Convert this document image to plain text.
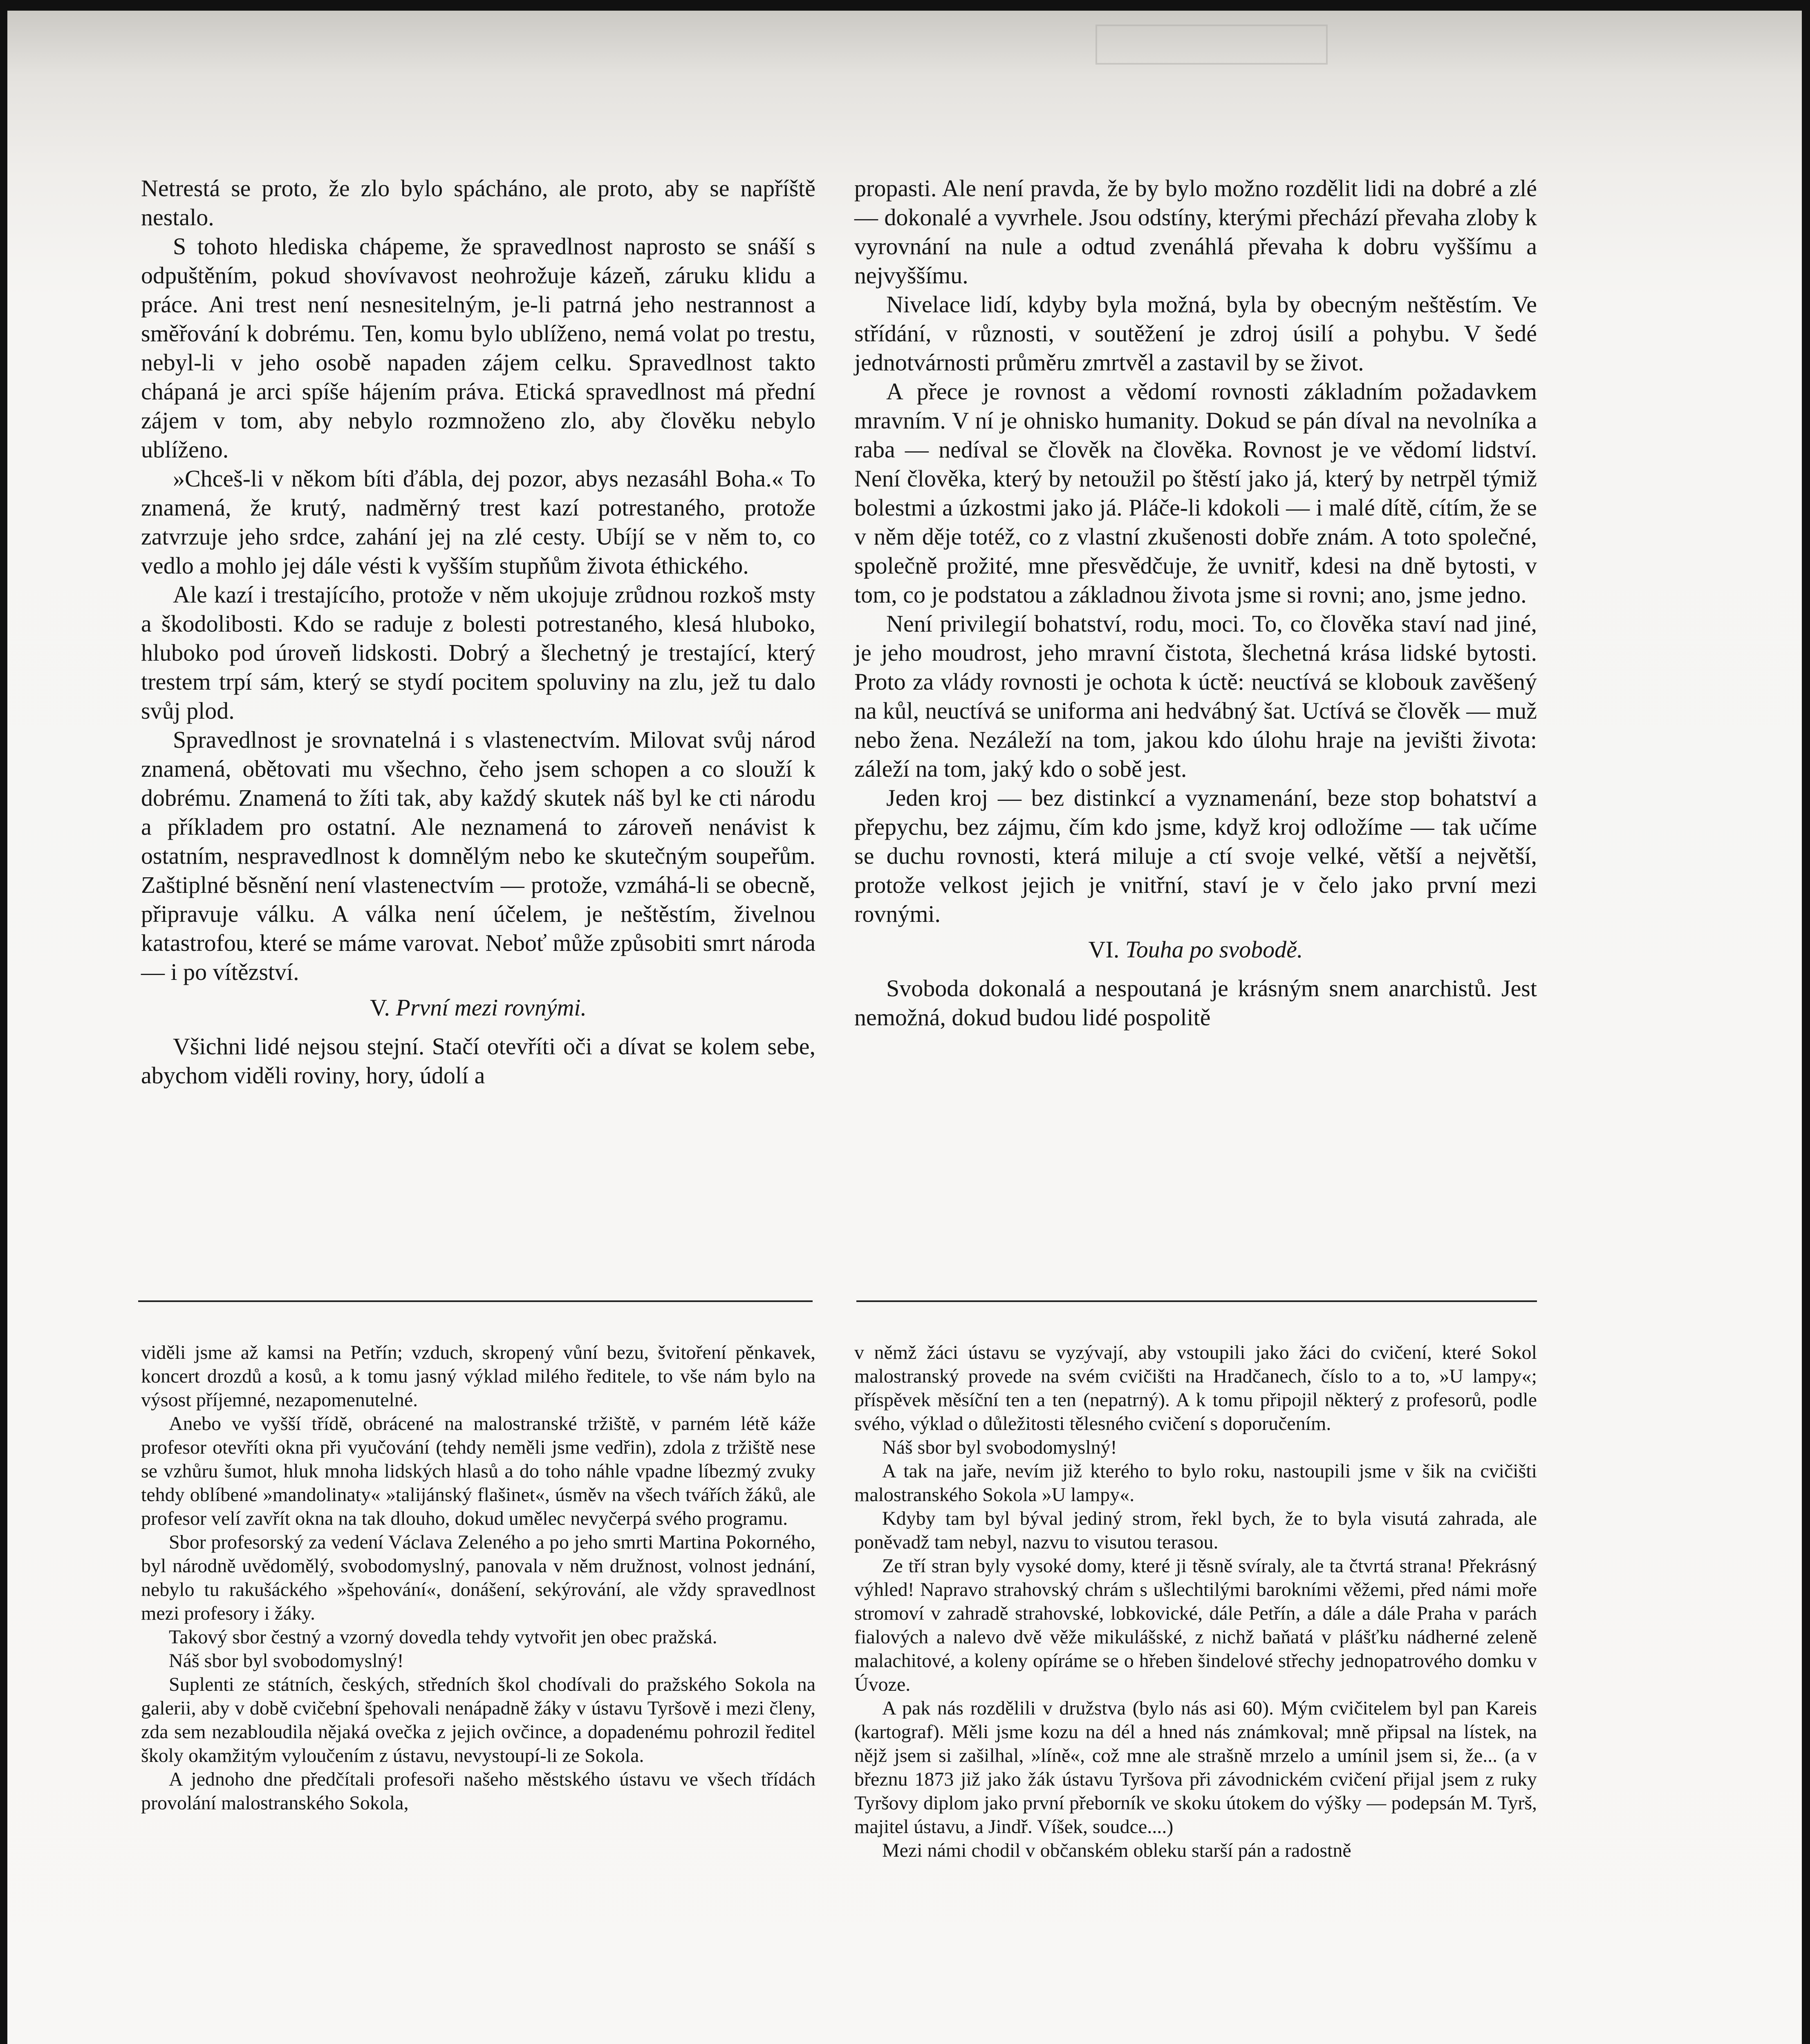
Netrestá se proto, že zlo bylo spácháno, ale proto, aby se napříště nestalo.

S tohoto hlediska chápeme, že spravedlnost naprosto se snáší s odpuštěním, pokud shovívavost neohrožuje kázeň, záruku klidu a práce. Ani trest není nesnesitelným, je-li patrná jeho nestrannost a směřování k dobrému. Ten, komu bylo ublíženo, nemá volat po trestu, nebyl-li v jeho osobě napaden zájem celku. Spravedlnost takto chápaná je arci spíše hájením práva. Etická spravedlnost má přední zájem v tom, aby nebylo rozmnoženo zlo, aby člověku nebylo ublíženo.

»Chceš-li v někom bíti ďábla, dej pozor, abys nezasáhl Boha.« To znamená, že krutý, nadměrný trest kazí potrestaného, protože zatvrzuje jeho srdce, zahání jej na zlé cesty. Ubíjí se v něm to, co vedlo a mohlo jej dále vésti k vyšším stupňům života éthického.

Ale kazí i trestajícího, protože v něm ukojuje zrůdnou rozkoš msty a škodolibosti. Kdo se raduje z bolesti potrestaného, klesá hluboko, hluboko pod úroveň lidskosti. Dobrý a šlechetný je trestající, který trestem trpí sám, který se stydí pocitem spoluviny na zlu, jež tu dalo svůj plod.

Spravedlnost je srovnatelná i s vlastenectvím. Milovat svůj národ znamená, obětovati mu všechno, čeho jsem schopen a co slouží k dobrému. Znamená to žíti tak, aby každý skutek náš byl ke cti národu a příkladem pro ostatní. Ale neznamená to zároveň nenávist k ostatním, nespravedlnost k domnělým nebo ke skutečným soupeřům. Zaštiplné běsnění není vlastenectvím — protože, vzmáhá-li se obecně, připravuje válku. A válka není účelem, je neštěstím, živelnou katastrofou, které se máme varovat. Neboť může způsobiti smrt národa — i po vítězství.

V. První mezi rovnými.

Všichni lidé nejsou stejní. Stačí otevříti oči a dívat se kolem sebe, abychom viděli roviny, hory, údolí a

propasti. Ale není pravda, že by bylo možno rozdělit lidi na dobré a zlé — dokonalé a vyvrhele. Jsou odstíny, kterými přechází převaha zloby k vyrovnání na nule a odtud zvenáhlá převaha k dobru vyššímu a nejvyššímu.

Nivelace lidí, kdyby byla možná, byla by obecným neštěstím. Ve střídání, v různosti, v soutěžení je zdroj úsilí a pohybu. V šedé jednotvárnosti průměru zmrtvěl a zastavil by se život.

A přece je rovnost a vědomí rovnosti základním požadavkem mravním. V ní je ohnisko humanity. Dokud se pán díval na nevolníka a raba — nedíval se člověk na člověka. Rovnost je ve vědomí lidství. Není člověka, který by netoužil po štěstí jako já, který by netrpěl týmiž bolestmi a úzkostmi jako já. Pláče-li kdokoli — i malé dítě, cítím, že se v něm děje totéž, co z vlastní zkušenosti dobře znám. A toto společné, společně prožité, mne přesvědčuje, že uvnitř, kdesi na dně bytosti, v tom, co je podstatou a základnou života jsme si rovni; ano, jsme jedno.

Není privilegií bohatství, rodu, moci. To, co člověka staví nad jiné, je jeho moudrost, jeho mravní čistota, šlechetná krása lidské bytosti. Proto za vlády rovnosti je ochota k úctě: neuctívá se klobouk zavěšený na kůl, neuctívá se uniforma ani hedvábný šat. Uctívá se člověk — muž nebo žena. Nezáleží na tom, jakou kdo úlohu hraje na jevišti života: záleží na tom, jaký kdo o sobě jest.

Jeden kroj — bez distinkcí a vyznamenání, beze stop bohatství a přepychu, bez zájmu, čím kdo jsme, když kroj odložíme — tak učíme se duchu rovnosti, která miluje a ctí svoje velké, větší a největší, protože velkost jejich je vnitřní, staví je v čelo jako první mezi rovnými.

VI. Touha po svobodě.

Svoboda dokonalá a nespoutaná je krásným snem anarchistů. Jest nemožná, dokud budou lidé pospolitě

viděli jsme až kamsi na Petřín; vzduch, skropený vůní bezu, švitoření pěnkavek, koncert drozdů a kosů, a k tomu jasný výklad milého ředitele, to vše nám bylo na výsost příjemné, nezapomenutelné.

Anebo ve vyšší třídě, obrácené na malostranské tržiště, v parném létě káže profesor otevříti okna při vyučování (tehdy neměli jsme vedřin), zdola z tržiště nese se vzhůru šumot, hluk mnoha lidských hlasů a do toho náhle vpadne líbezmý zvuky tehdy oblíbené »mandolinaty« »talijánský flašinet«, úsměv na všech tvářích žáků, ale profesor velí zavřít okna na tak dlouho, dokud umělec nevyčerpá svého programu.

Sbor profesorský za vedení Václava Zeleného a po jeho smrti Martina Pokorného, byl národně uvědomělý, svobodomyslný, panovala v něm družnost, volnost jednání, nebylo tu rakušáckého »špehování«, donášení, sekýrování, ale vždy spravedlnost mezi profesory i žáky.

Takový sbor čestný a vzorný dovedla tehdy vytvořit jen obec pražská.

Náš sbor byl svobodomyslný!

Suplenti ze státních, českých, středních škol chodívali do pražského Sokola na galerii, aby v době cvičební špehovali nenápadně žáky v ústavu Tyršově i mezi členy, zda sem nezabloudila nějaká ovečka z jejich ovčince, a dopadenému pohrozil ředitel školy okamžitým vyloučením z ústavu, nevystoupí-li ze Sokola.

A jednoho dne předčítali profesoři našeho městského ústavu ve všech třídách provolání malostranského Sokola,

v němž žáci ústavu se vyzývají, aby vstoupili jako žáci do cvičení, které Sokol malostranský provede na svém cvičišti na Hradčanech, číslo to a to, »U lampy«; příspěvek měsíční ten a ten (nepatrný). A k tomu připojil některý z profesorů, podle svého, výklad o důležitosti tělesného cvičení s doporučením.

Náš sbor byl svobodomyslný!

A tak na jaře, nevím již kterého to bylo roku, nastoupili jsme v šik na cvičišti malostranského Sokola »U lampy«.

Kdyby tam byl býval jediný strom, řekl bych, že to byla visutá zahrada, ale poněvadž tam nebyl, nazvu to visutou terasou.

Ze tří stran byly vysoké domy, které ji těsně svíraly, ale ta čtvrtá strana! Překrásný výhled! Napravo strahovský chrám s ušlechtilými barokními věžemi, před námi moře stromoví v zahradě strahovské, lobkovické, dále Petřín, a dále a dále Praha v parách fialových a nalevo dvě věže mikulášské, z nichž baňatá v plášťku nádherné zeleně malachitové, a koleny opíráme se o hřeben šindelové střechy jednopatrového domku v Úvoze.

A pak nás rozdělili v družstva (bylo nás asi 60). Mým cvičitelem byl pan Kareis (kartograf). Měli jsme kozu na dél a hned nás známkoval; mně připsal na lístek, na nějž jsem si zašilhal, »líně«, což mne ale strašně mrzelo a umínil jsem si, že... (a v březnu 1873 již jako žák ústavu Tyršova při závodnickém cvičení přijal jsem z ruky Tyršovy diplom jako první přeborník ve skoku útokem do výšky — podepsán M. Tyrš, majitel ústavu, a Jindř. Víšek, soudce....)

Mezi námi chodil v občanském obleku starší pán a radostně
